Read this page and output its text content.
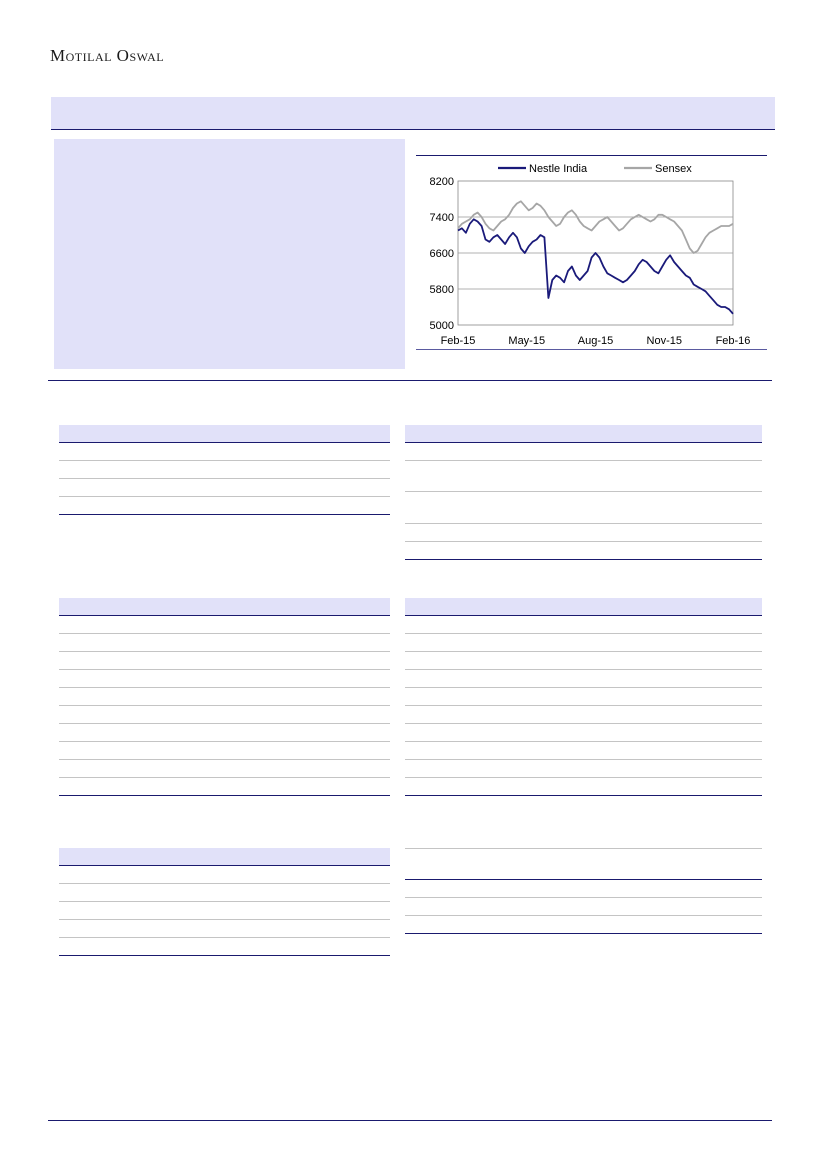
Motilal Oswal
Nestle India	Sensex
8200
7400
6600
5800
5000
Feb-15	May-15	Aug-15	Nov-15	Feb-16
